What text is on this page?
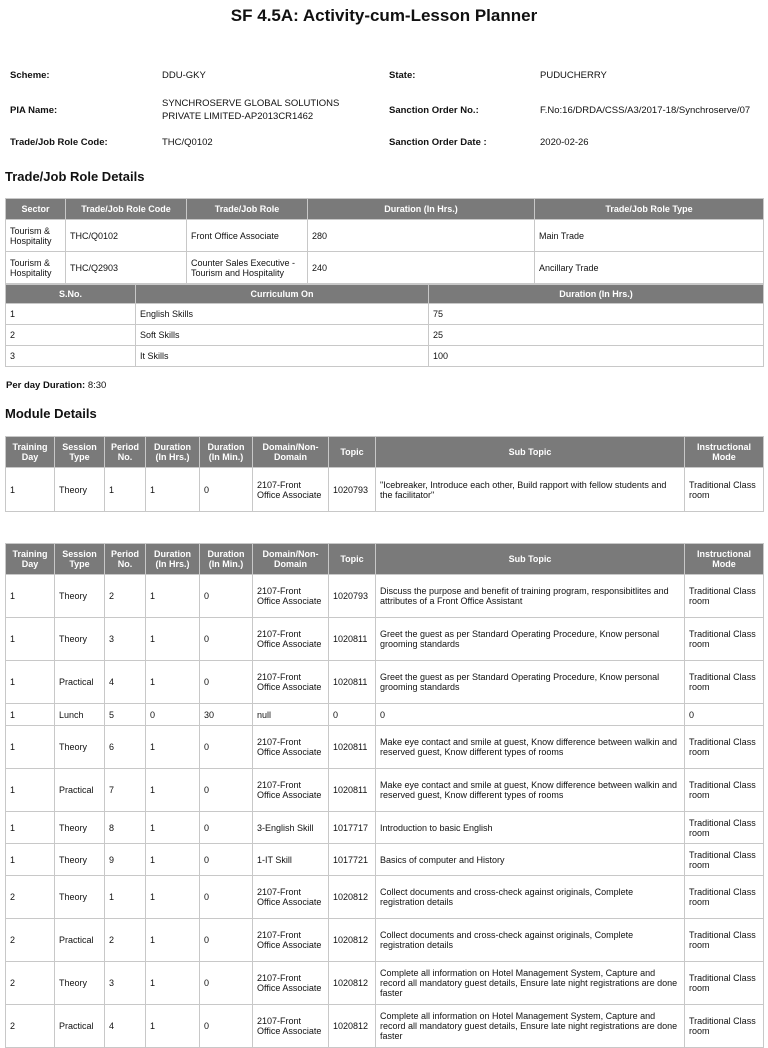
SF 4.5A: Activity-cum-Lesson Planner
Scheme:	DDU-GKY	State:	PUDUCHERRY
PIA Name:
SYNCHROSERVE GLOBAL SOLUTIONS
PRIVATE LIMITED-AP2013CR1462
Sanction Order No.:	F.No:16/DRDA/CSS/A3/2017-18/Synchroserve/07
Trade/Job Role Code:	THC/Q0102	Sanction Order Date :	2020-02-26
Trade/Job Role Details
Sector	Trade/Job Role Code	Trade/Job Role	Duration (In Hrs.)	Trade/Job Role Type
Tourism & Hospitality	THC/Q0102	Front Office Associate	280	Main Trade
Tourism & Hospitality	THC/Q2903	Counter Sales Executive - Tourism and Hospitality	240	Ancillary Trade
S.No.	Curriculum On	Duration (In Hrs.)
1	English Skills	75
2	Soft Skills	25
3	It Skills	100
Per day Duration: 8:30
Module Details
Training Day	Session Type	Period No.	Duration (In Hrs.)	Duration (In Min.)	Domain/Non-Domain	Topic	Sub Topic	Instructional Mode
1	Theory	1	1	0	2107-Front Office Associate	1020793	"Icebreaker, Introduce each other, Build rapport with fellow students and the facilitator"	Traditional Class room
Training Day	Session Type	Period No.	Duration (In Hrs.)	Duration (In Min.)	Domain/Non-Domain	Topic	Sub Topic	Instructional Mode
1	Theory	2	1	0	2107-Front Office Associate	1020793	Discuss the purpose and benefit of training program, responsibitlites and attributes of a Front Office Assistant	Traditional Class room
1	Theory	3	1	0	2107-Front Office Associate	1020811	Greet the guest as per Standard Operating Procedure, Know personal grooming standards	Traditional Class room
1	Practical	4	1	0	2107-Front Office Associate	1020811	Greet the guest as per Standard Operating Procedure, Know personal grooming standards	Traditional Class room
1	Lunch	5	0	30	null	0	0	0
1	Theory	6	1	0	2107-Front Office Associate	1020811	Make eye contact and smile at guest, Know difference between walkin and reserved guest, Know different types of rooms	Traditional Class room
1	Practical	7	1	0	2107-Front Office Associate	1020811	Make eye contact and smile at guest, Know difference between walkin and reserved guest, Know different types of rooms	Traditional Class room
1	Theory	8	1	0	3-English Skill	1017717	Introduction to basic English	Traditional Class room
1	Theory	9	1	0	1-IT Skill	1017721	Basics of computer and History	Traditional Class room
2	Theory	1	1	0	2107-Front Office Associate	1020812	Collect documents and cross-check against originals, Complete registration details	Traditional Class room
2	Practical	2	1	0	2107-Front Office Associate	1020812	Collect documents and cross-check against originals, Complete registration details	Traditional Class room
2	Theory	3	1	0	2107-Front Office Associate	1020812	Complete all information on Hotel Management System, Capture and record all mandatory guest details, Ensure late night registrations are done faster	Traditional Class room
2	Practical	4	1	0	2107-Front Office Associate	1020812	Complete all information on Hotel Management System, Capture and record all mandatory guest details, Ensure late night registrations are done faster	Traditional Class room
